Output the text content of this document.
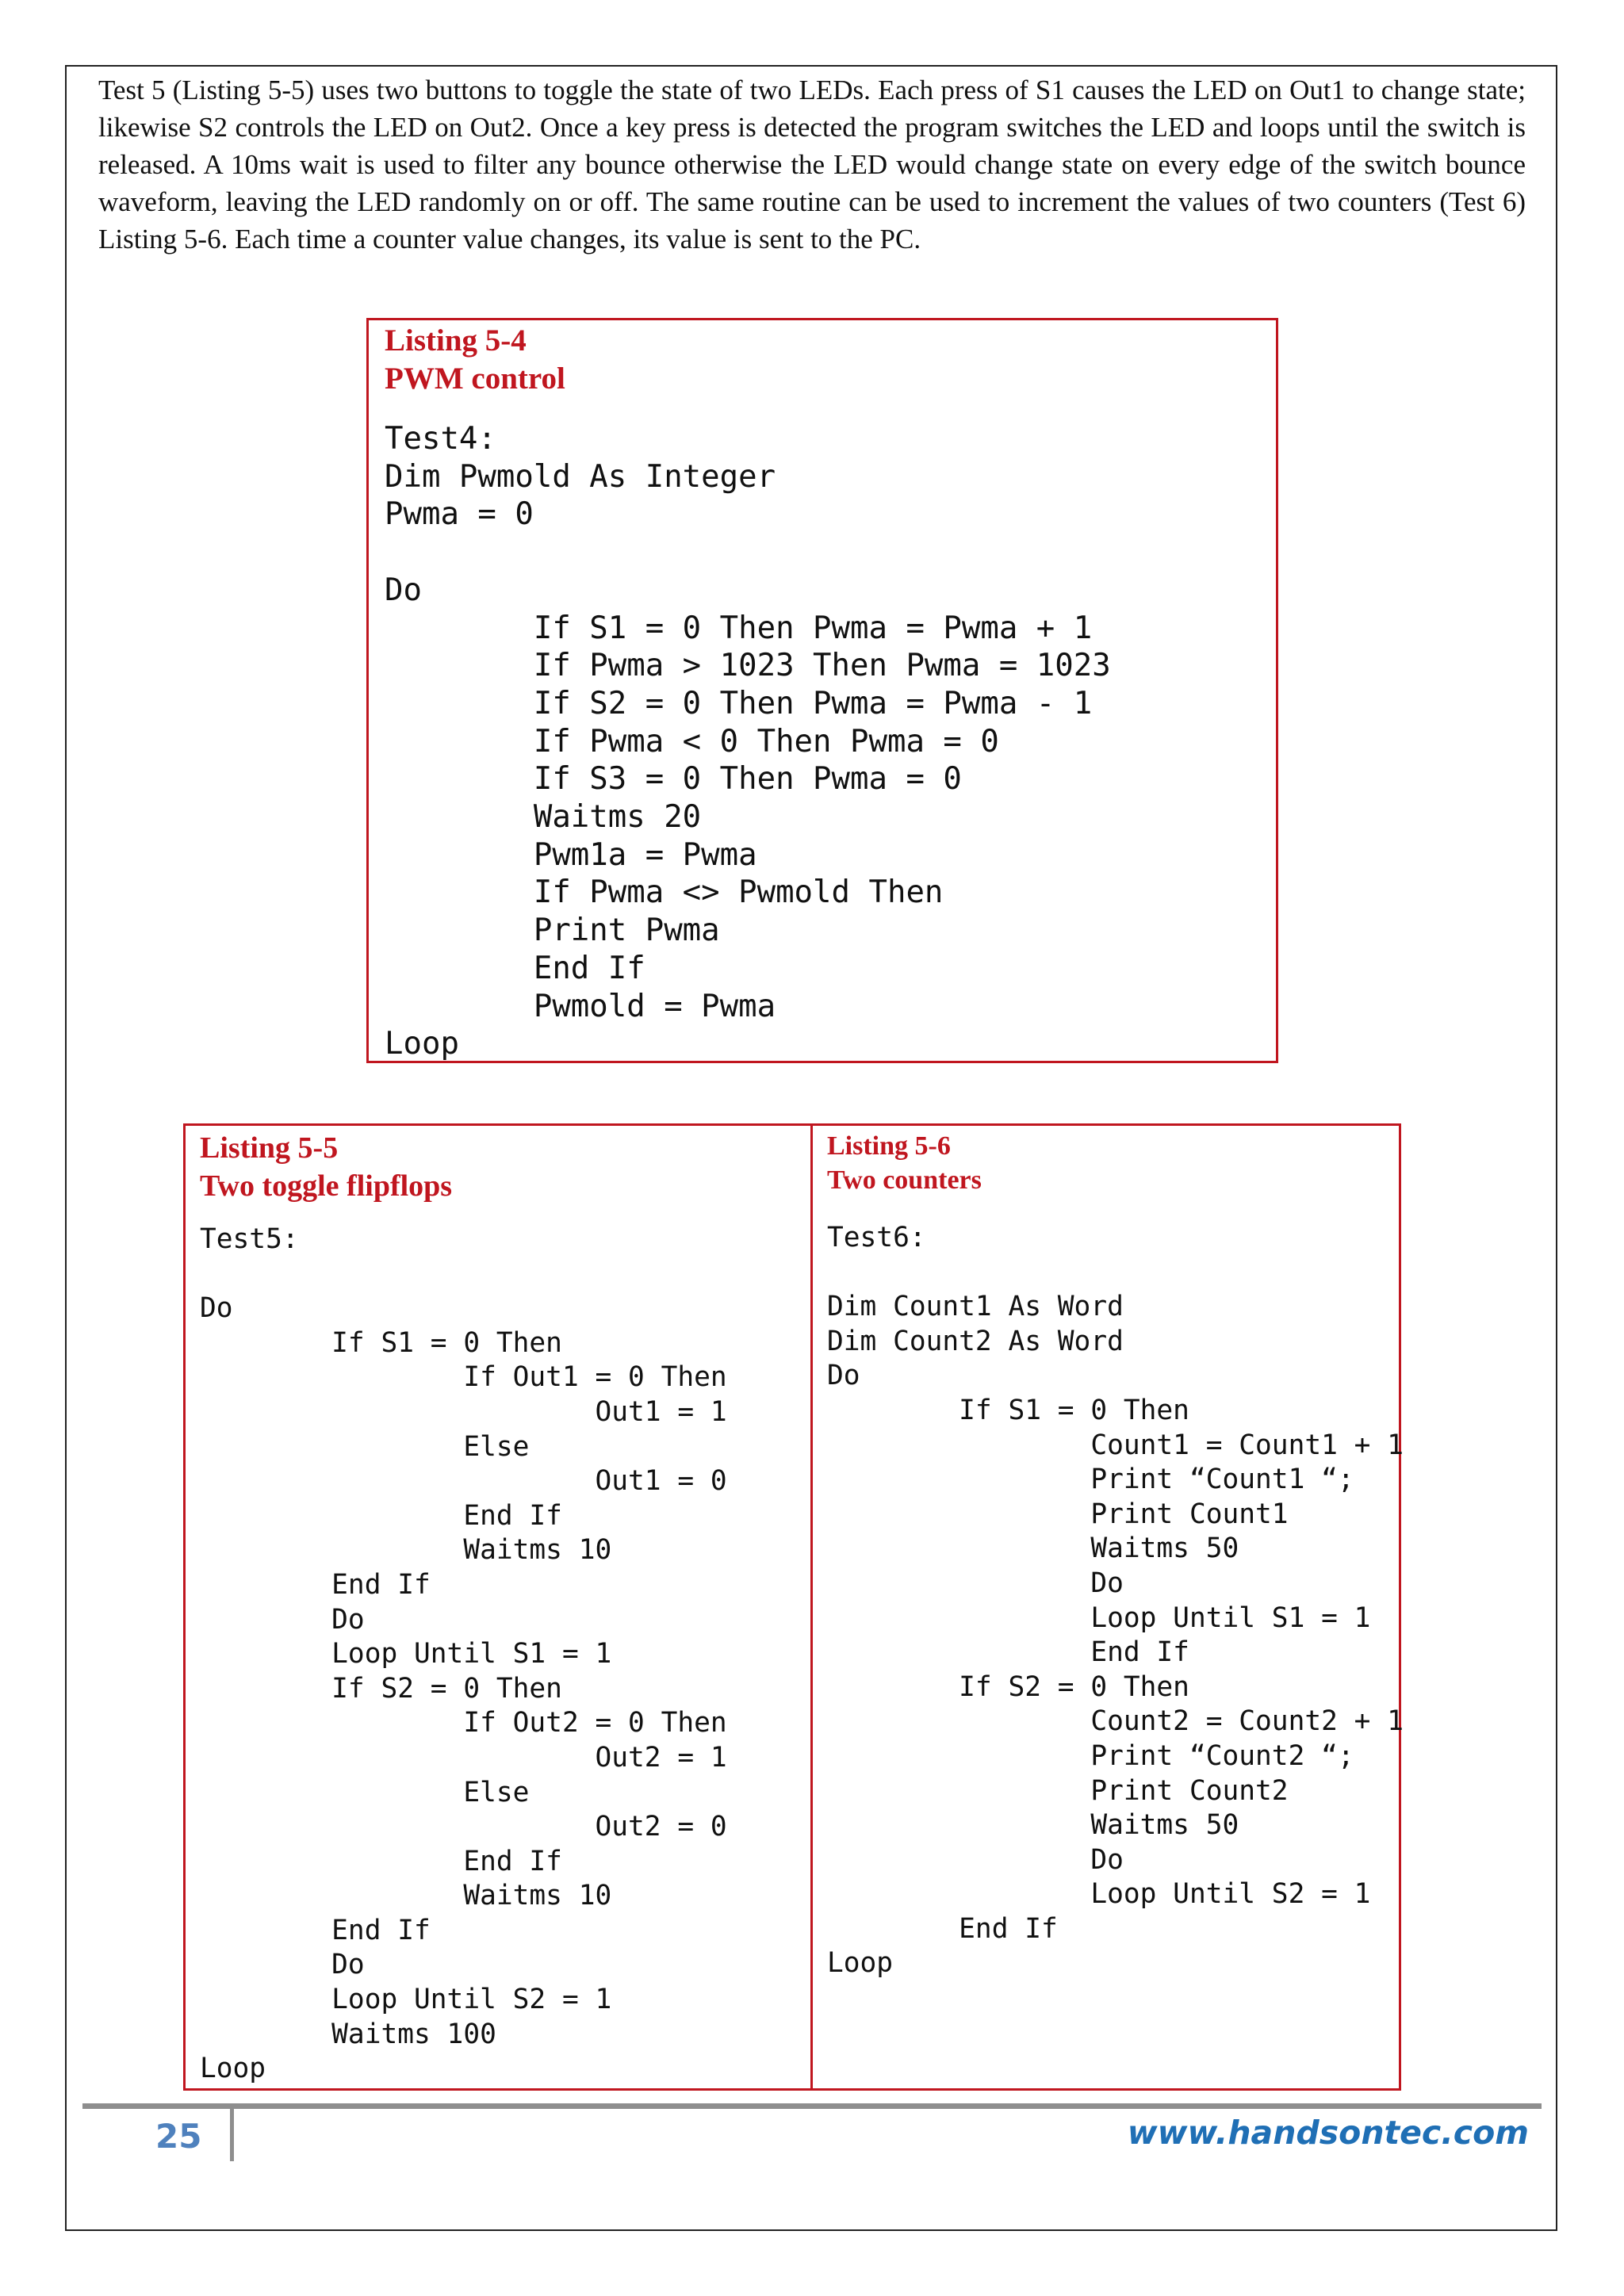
Test 5 (Listing 5-5) uses two buttons to toggle the state of two LEDs. Each press of S1 causes the LED on Out1 to change state; likewise S2 controls the LED on Out2. Once a key press is detected the program switches the LED and loops until the switch is released. A 10ms wait is used to filter any bounce otherwise the LED would change state on every edge of the switch bounce waveform, leaving the LED randomly on or off. The same routine can be used to increment the values of two counters (Test 6) Listing 5-6. Each time a counter value changes, its value is sent to the PC.

Listing 5-4
PWM control
Test4:
Dim Pwmold As Integer
Pwma = 0

Do
If S1 = 0 Then Pwma = Pwma + 1
If Pwma > 1023 Then Pwma = 1023
If S2 = 0 Then Pwma = Pwma - 1
If Pwma < 0 Then Pwma = 0
If S3 = 0 Then Pwma = 0
Waitms 20
Pwm1a = Pwma
If Pwma <> Pwmold Then
Print Pwma
End If
Pwmold = Pwma
Loop
Listing 5-5
Two toggle flipflops
Test5:

Do
If S1 = 0 Then
If Out1 = 0 Then
Out1 = 1
Else
Out1 = 0
End If
Waitms 10
End If
Do
Loop Until S1 = 1
If S2 = 0 Then
If Out2 = 0 Then
Out2 = 1
Else
Out2 = 0
End If
Waitms 10
End If
Do
Loop Until S2 = 1
Waitms 100
Loop
Listing 5-6
Two counters
Test6:

Dim Count1 As Word
Dim Count2 As Word
Do
If S1 = 0 Then
Count1 = Count1 + 1
Print “Count1 “;
Print Count1
Waitms 50
Do
Loop Until S1 = 1
End If
If S2 = 0 Then
Count2 = Count2 + 1
Print “Count2 “;
Print Count2
Waitms 50
Do
Loop Until S2 = 1
End If
Loop
25	www.handsontec.com
